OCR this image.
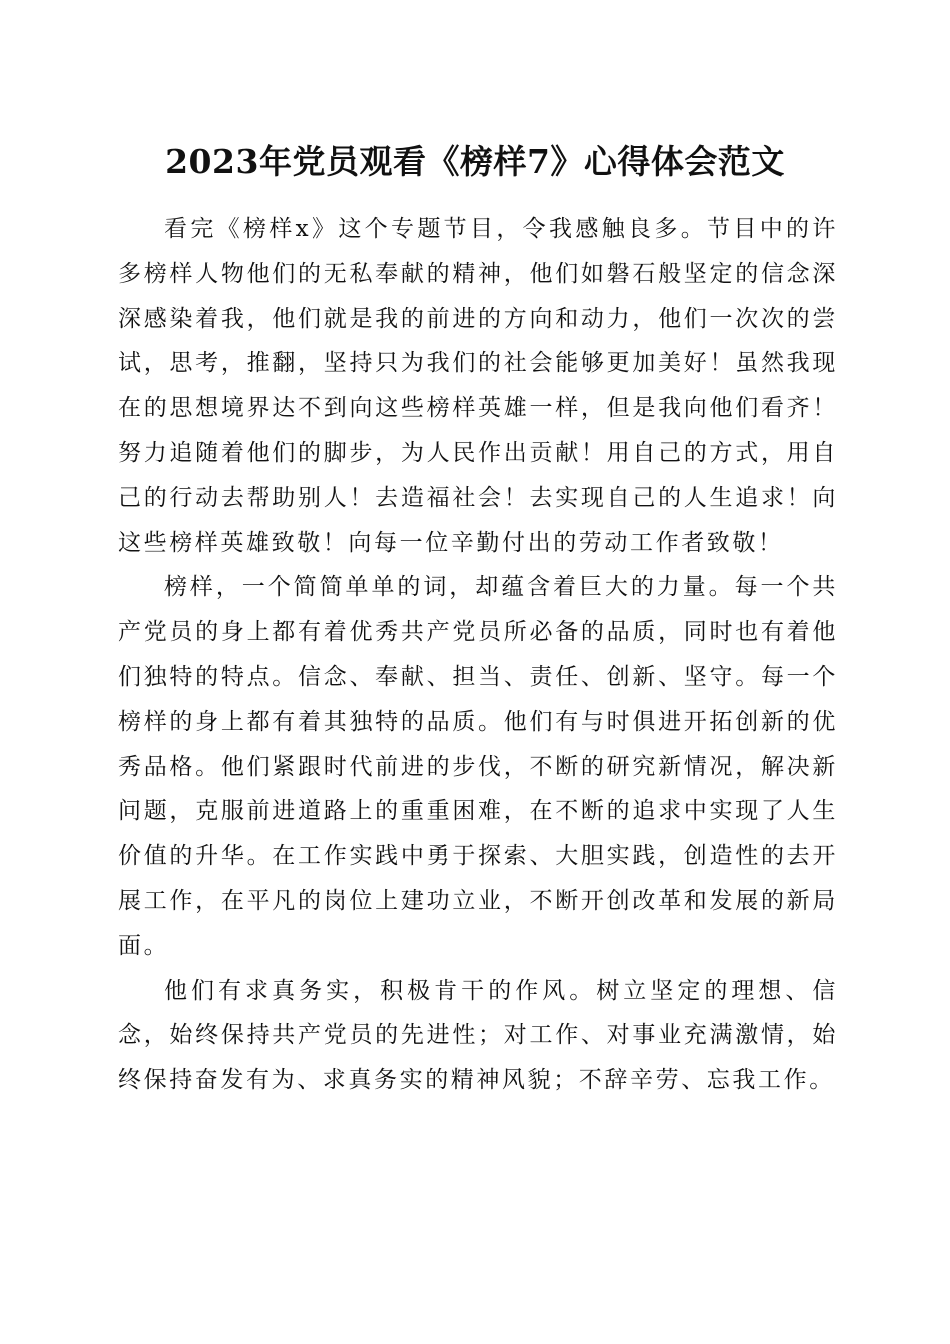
2023年党员观看《榜样7》心得体会范文

看完《榜样x》这个专题节目，令我感触良多。节目中的许多榜样人物他们的无私奉献的精神，他们如磐石般坚定的信念深深感染着我，他们就是我的前进的方向和动力，他们一次次的尝试，思考，推翻，坚持只为我们的社会能够更加美好！虽然我现在的思想境界达不到向这些榜样英雄一样，但是我向他们看齐！努力追随着他们的脚步，为人民作出贡献！用自己的方式，用自己的行动去帮助别人！去造福社会！去实现自己的人生追求！向这些榜样英雄致敬！向每一位辛勤付出的劳动工作者致敬！

榜样，一个简简单单的词，却蕴含着巨大的力量。每一个共产党员的身上都有着优秀共产党员所必备的品质，同时也有着他们独特的特点。信念、奉献、担当、责任、创新、坚守。每一个榜样的身上都有着其独特的品质。他们有与时俱进开拓创新的优秀品格。他们紧跟时代前进的步伐，不断的研究新情况，解决新问题，克服前进道路上的重重困难，在不断的追求中实现了人生价值的升华。在工作实践中勇于探索、大胆实践，创造性的去开展工作，在平凡的岗位上建功立业，不断开创改革和发展的新局面。

他们有求真务实，积极肯干的作风。树立坚定的理想、信念，始终保持共产党员的先进性；对工作、对事业充满激情，始终保持奋发有为、求真务实的精神风貌；不辞辛劳、忘我工作。
